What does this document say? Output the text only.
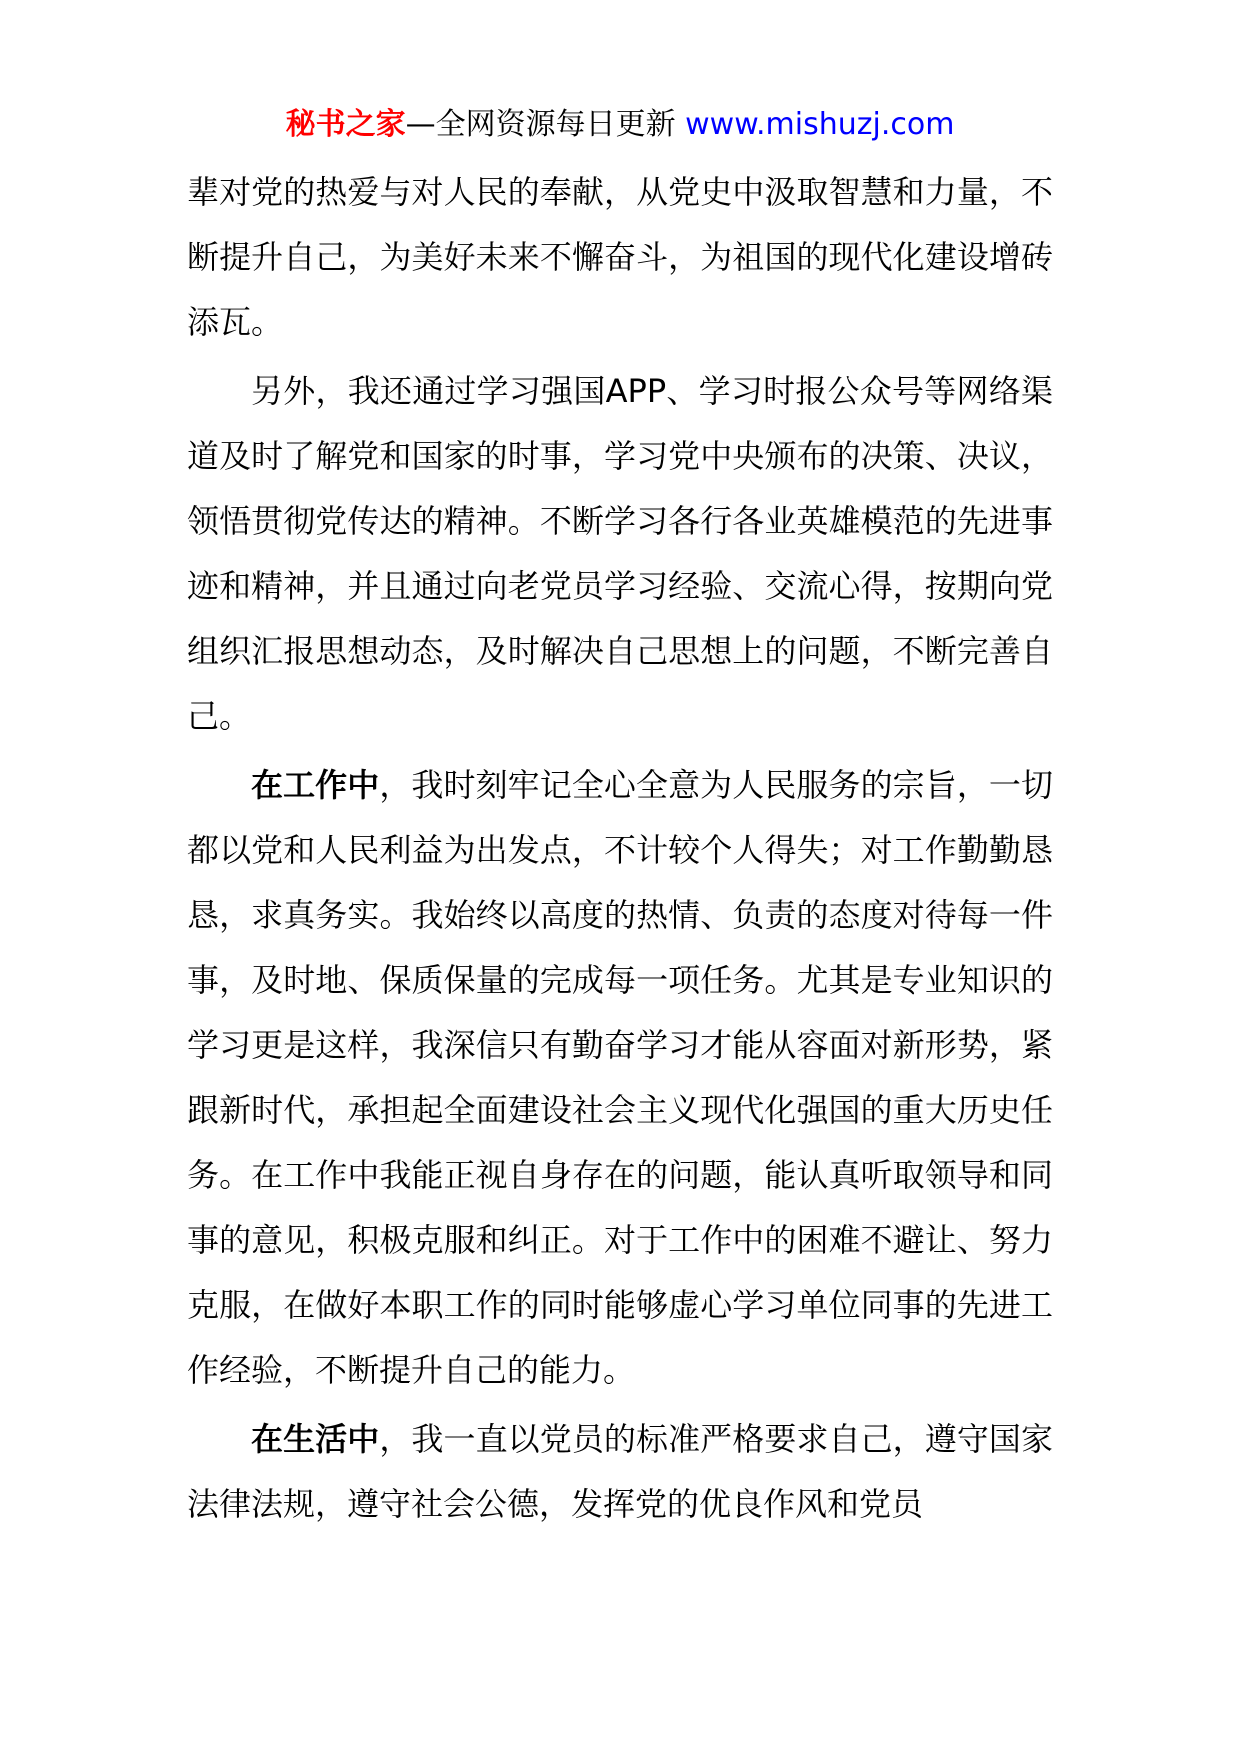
秘书之家—全网资源每日更新 www.mishuzj.com

辈对党的热爱与对人民的奉献，从党史中汲取智慧和力量，不断提升自己，为美好未来不懈奋斗，为祖国的现代化建设增砖添瓦。

另外，我还通过学习强国APP、学习时报公众号等网络渠道及时了解党和国家的时事，学习党中央颁布的决策、决议，领悟贯彻党传达的精神。不断学习各行各业英雄模范的先进事迹和精神，并且通过向老党员学习经验、交流心得，按期向党组织汇报思想动态，及时解决自己思想上的问题，不断完善自己。

在工作中，我时刻牢记全心全意为人民服务的宗旨，一切都以党和人民利益为出发点，不计较个人得失；对工作勤勤恳恳，求真务实。我始终以高度的热情、负责的态度对待每一件事，及时地、保质保量的完成每一项任务。尤其是专业知识的学习更是这样，我深信只有勤奋学习才能从容面对新形势，紧跟新时代，承担起全面建设社会主义现代化强国的重大历史任务。在工作中我能正视自身存在的问题，能认真听取领导和同事的意见，积极克服和纠正。对于工作中的困难不避让、努力克服，在做好本职工作的同时能够虚心学习单位同事的先进工作经验，不断提升自己的能力。

在生活中，我一直以党员的标准严格要求自己，遵守国家法律法规，遵守社会公德，发挥党的优良作风和党员
